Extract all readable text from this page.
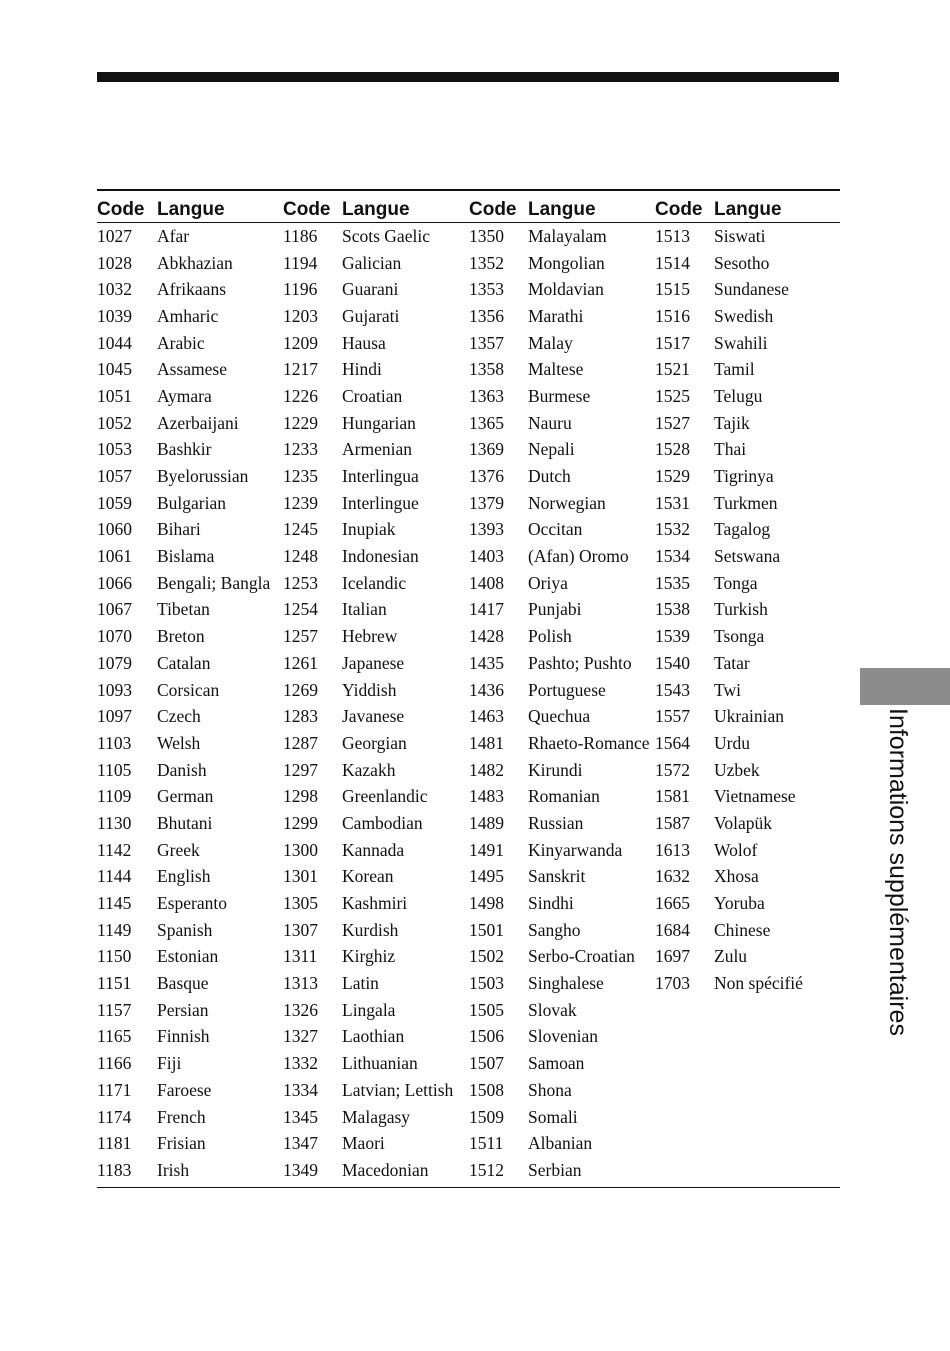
Code Langue	Code Langue	Code Langue	Code Langue
1027	Afar	1186	Scots Gaelic	1350	Malayalam	1513	Siswati
1028	Abkhazian	1194	Galician	1352	Mongolian	1514	Sesotho
1032	Afrikaans	1196	Guarani	1353	Moldavian	1515	Sundanese
1039	Amharic	1203	Gujarati	1356	Marathi	1516	Swedish
1044	Arabic	1209	Hausa	1357	Malay	1517	Swahili
1045	Assamese	1217	Hindi	1358	Maltese	1521	Tamil
1051	Aymara	1226	Croatian	1363	Burmese	1525	Telugu
1052	Azerbaijani	1229	Hungarian	1365	Nauru	1527	Tajik
1053	Bashkir	1233	Armenian	1369	Nepali	1528	Thai
1057	Byelorussian	1235	Interlingua	1376	Dutch	1529	Tigrinya
1059	Bulgarian	1239	Interlingue	1379	Norwegian	1531	Turkmen
1060	Bihari	1245	Inupiak	1393	Occitan	1532	Tagalog
1061	Bislama	1248	Indonesian	1403	(Afan) Oromo	1534	Setswana
1066	Bengali; Bangla 1253	Icelandic	1408	Oriya	1535	Tonga
1067	Tibetan	1254	Italian	1417	Punjabi	1538	Turkish
1070	Breton	1257	Hebrew	1428	Polish	1539	Tsonga
1079	Catalan	1261	Japanese	1435	Pashto; Pushto	1540	Tatar
1093	Corsican	1269	Yiddish	1436	Portuguese	1543	Twi
1097	Czech	1283	Javanese	1463	Quechua	1557	Ukrainian
1103	Welsh	1287	Georgian	1481	Rhaeto-Romance 1564	Urdu
1105	Danish	1297	Kazakh	1482	Kirundi	1572	Uzbek
1109	German	1298	Greenlandic	1483	Romanian	1581	Vietnamese
1130	Bhutani	1299	Cambodian	1489	Russian	1587	Volapük
1142	Greek	1300	Kannada	1491	Kinyarwanda	1613	Wolof
1144	English	1301	Korean	1495	Sanskrit	1632	Xhosa
1145	Esperanto	1305	Kashmiri	1498	Sindhi	1665	Yoruba
1149	Spanish	1307	Kurdish	1501	Sangho	1684	Chinese
1150	Estonian	1311	Kirghiz	1502	Serbo-Croatian	1697	Zulu
1151	Basque	1313	Latin	1503	Singhalese	1703	Non spécifié
1157	Persian	1326	Lingala	1505	Slovak
1165	Finnish	1327	Laothian	1506	Slovenian
1166	Fiji	1332	Lithuanian	1507	Samoan
1171	Faroese	1334	Latvian; Lettish 1508	Shona
1174	French	1345	Malagasy	1509	Somali
1181	Frisian	1347	Maori	1511	Albanian
1183	Irish	1349	Macedonian	1512	Serbian
Informations supplémentaires
